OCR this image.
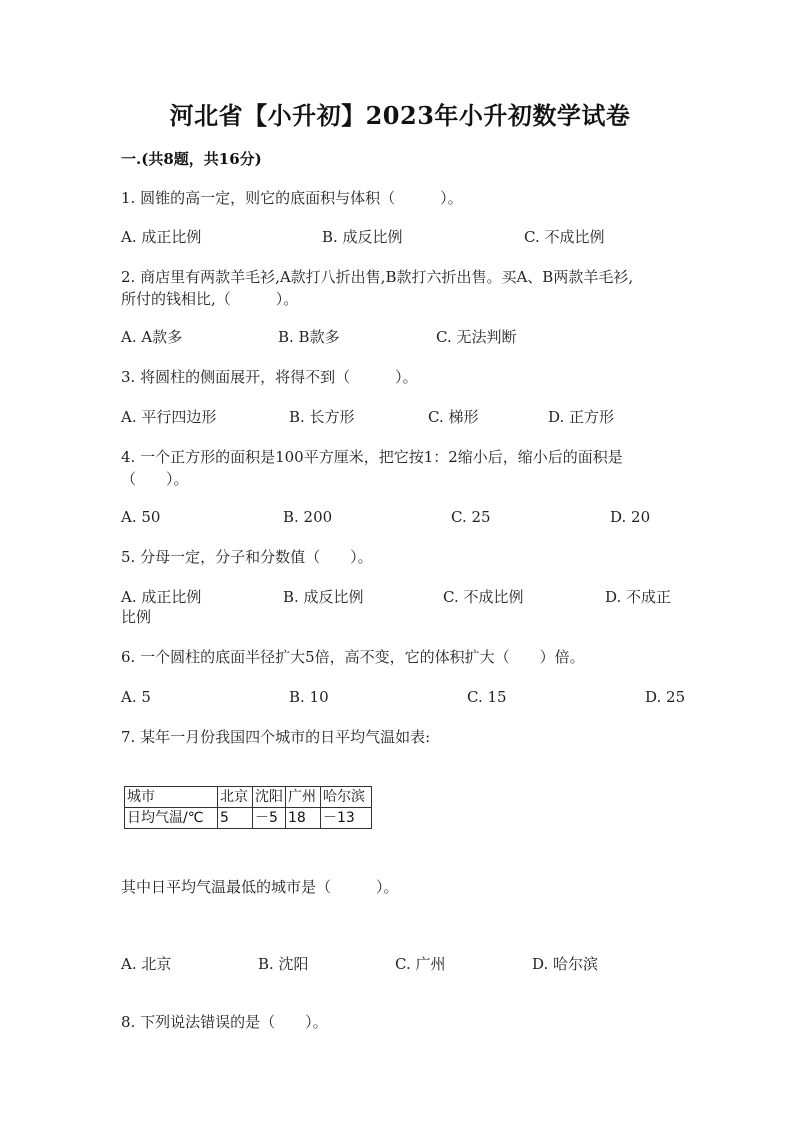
河北省【小升初】2023年小升初数学试卷
一.(共8题，共16分)
1. 圆锥的高一定，则它的底面积与体积（　　　）。
A. 成正比例	B. 成反比例	C. 不成比例
2. 商店里有两款羊毛衫,A款打八折出售,B款打六折出售。买A、B两款羊毛衫,
所付的钱相比,（　　　）。
A. A款多	B. B款多	C. 无法判断
3. 将圆柱的侧面展开，将得不到（　　　）。
A. 平行四边形	B. 长方形	C. 梯形	D. 正方形
4. 一个正方形的面积是100平方厘米，把它按1：2缩小后，缩小后的面积是
（　　）。
A. 50	B. 200	C. 25	D. 20
5. 分母一定，分子和分数值（　　）。
A. 成正比例	B. 成反比例	C. 不成比例	D. 不成正
比例
6. 一个圆柱的底面半径扩大5倍，高不变，它的体积扩大（　　）倍。
A. 5	B. 10	C. 15	D. 25
7. 某年一月份我国四个城市的日平均气温如表:
城市	北京	沈阳	广州	哈尔滨
日均气温/℃	5	－5	18	－13
其中日平均气温最低的城市是（　　　）。
A. 北京	B. 沈阳	C. 广州	D. 哈尔滨
8. 下列说法错误的是（　　）。
